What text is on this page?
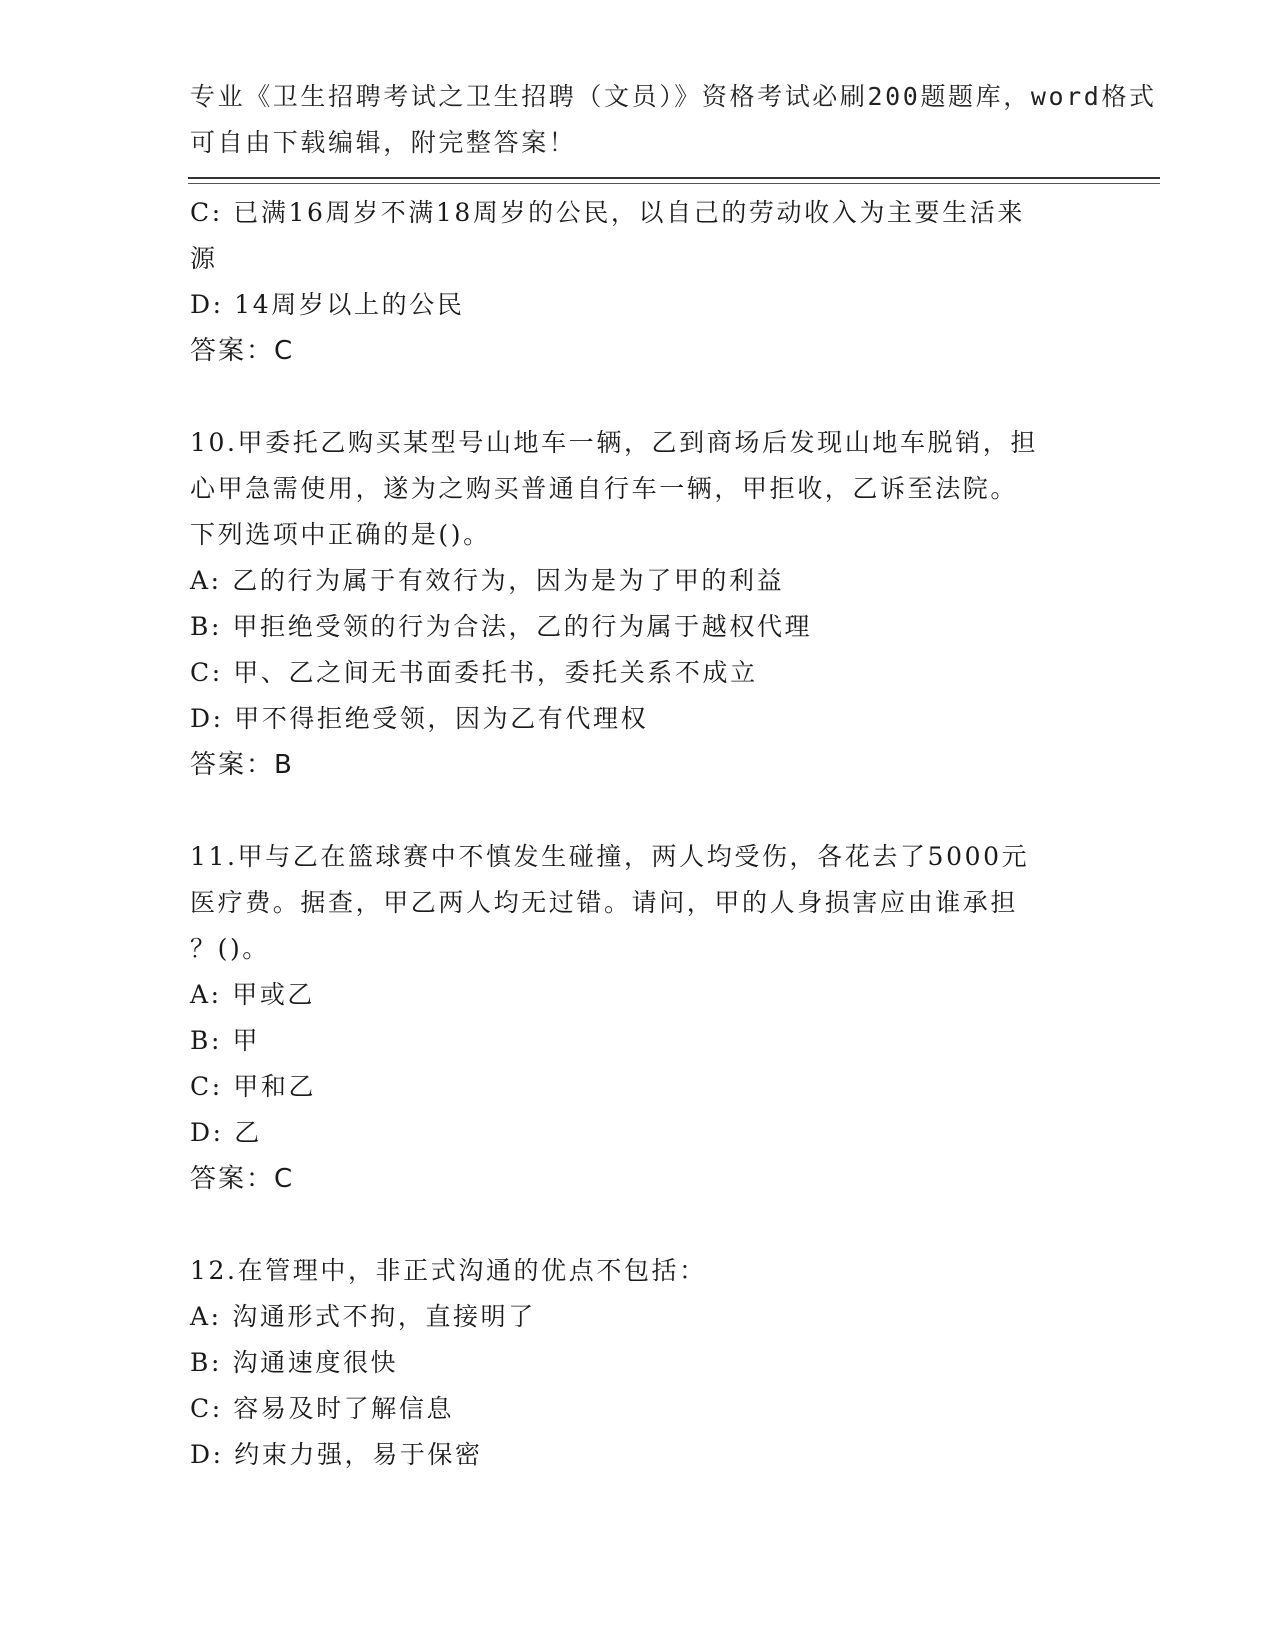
专业《卫生招聘考试之卫生招聘（文员）》资格考试必刷200题题库，word格式
可自由下载编辑，附完整答案！
C: 已满16周岁不满18周岁的公民，以自己的劳动收入为主要生活来
源
D: 14周岁以上的公民
答案：C
10.甲委托乙购买某型号山地车一辆，乙到商场后发现山地车脱销，担
心甲急需使用，遂为之购买普通自行车一辆，甲拒收，乙诉至法院。
下列选项中正确的是()。
A: 乙的行为属于有效行为，因为是为了甲的利益
B: 甲拒绝受领的行为合法，乙的行为属于越权代理
C: 甲、乙之间无书面委托书，委托关系不成立
D: 甲不得拒绝受领，因为乙有代理权
答案：B
11.甲与乙在篮球赛中不慎发生碰撞，两人均受伤，各花去了5000元
医疗费。据查，甲乙两人均无过错。请问，甲的人身损害应由谁承担
？()。
A: 甲或乙
B: 甲
C: 甲和乙
D: 乙
答案：C
12.在管理中，非正式沟通的优点不包括：
A: 沟通形式不拘，直接明了
B: 沟通速度很快
C: 容易及时了解信息
D: 约束力强，易于保密
